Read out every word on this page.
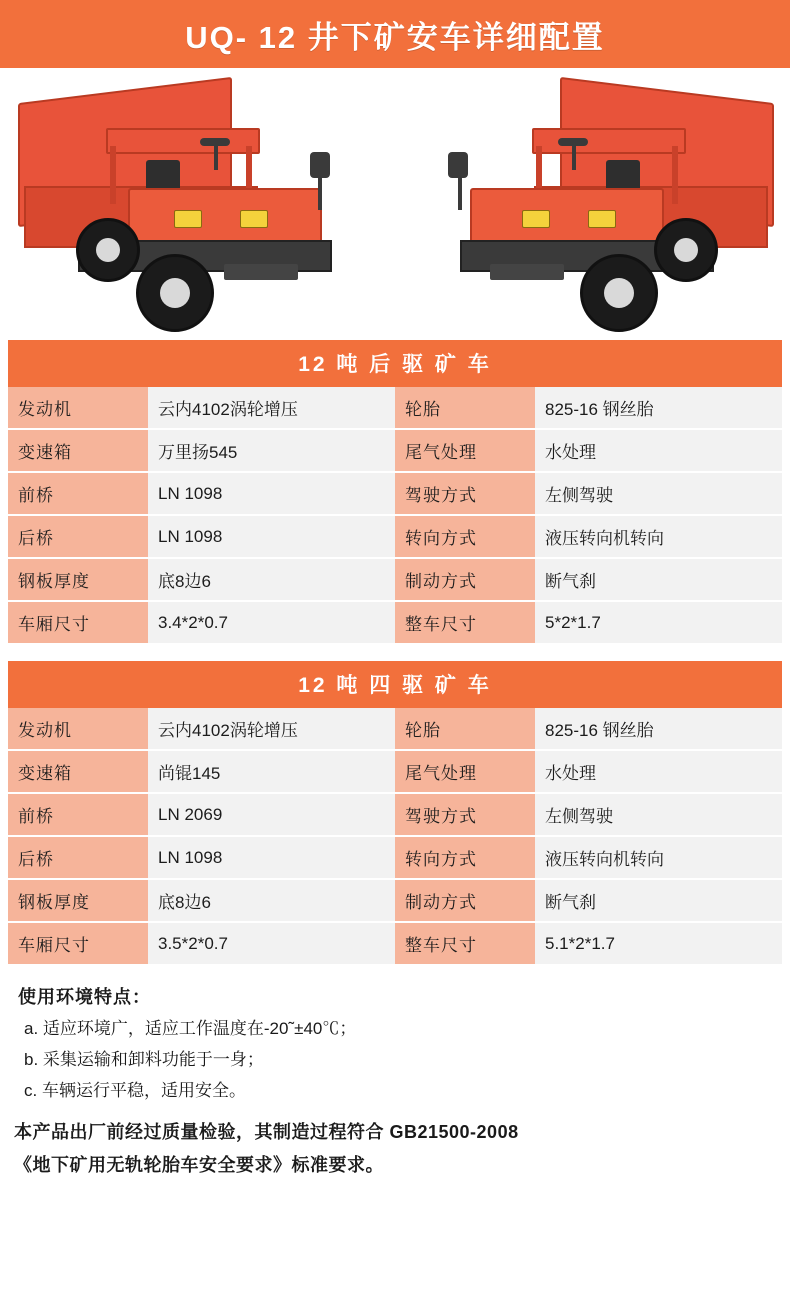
UQ- 12 井下矿安车详细配置
12 吨 后 驱 矿 车
发动机	云内4102涡轮增压	轮胎	825-16 钢丝胎
变速箱	万里扬545	尾气处理	水处理
前桥	LN 1098	驾驶方式	左侧驾驶
后桥	LN 1098	转向方式	液压转向机转向
钢板厚度	底8边6	制动方式	断气刹
车厢尺寸	3.4*2*0.7	整车尺寸	5*2*1.7
12 吨 四 驱 矿 车
发动机	云内4102涡轮增压	轮胎	825-16 钢丝胎
变速箱	尚锟145	尾气处理	水处理
前桥	LN 2069	驾驶方式	左侧驾驶
后桥	LN 1098	转向方式	液压转向机转向
钢板厚度	底8边6	制动方式	断气刹
车厢尺寸	3.5*2*0.7	整车尺寸	5.1*2*1.7
使用环境特点：
a. 适应环境广，适应工作温度在-20˜±40℃；
b. 采集运输和卸料功能于一身；
c. 车辆运行平稳，适用安全。
本产品出厂前经过质量检验，其制造过程符合 GB21500-2008
《地下矿用无轨轮胎车安全要求》标准要求。
